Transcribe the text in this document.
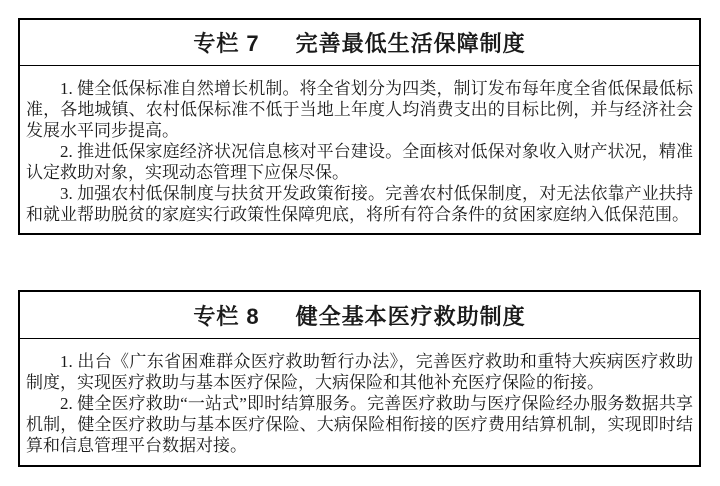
专栏 7 完善最低生活保障制度

1. 健全低保标准自然增长机制。将全省划分为四类，制订发布每年度全省低保最低标准，各地城镇、农村低保标准不低于当地上年度人均消费支出的目标比例，并与经济社会发展水平同步提高。

2. 推进低保家庭经济状况信息核对平台建设。全面核对低保对象收入财产状况，精准认定救助对象，实现动态管理下应保尽保。

3. 加强农村低保制度与扶贫开发政策衔接。完善农村低保制度，对无法依靠产业扶持和就业帮助脱贫的家庭实行政策性保障兜底，将所有符合条件的贫困家庭纳入低保范围。

专栏 8 健全基本医疗救助制度

1. 出台《广东省困难群众医疗救助暂行办法》，完善医疗救助和重特大疾病医疗救助制度，实现医疗救助与基本医疗保险，大病保险和其他补充医疗保险的衔接。

2. 健全医疗救助“一站式”即时结算服务。完善医疗救助与医疗保险经办服务数据共享机制，健全医疗救助与基本医疗保险、大病保险相衔接的医疗费用结算机制，实现即时结算和信息管理平台数据对接。
